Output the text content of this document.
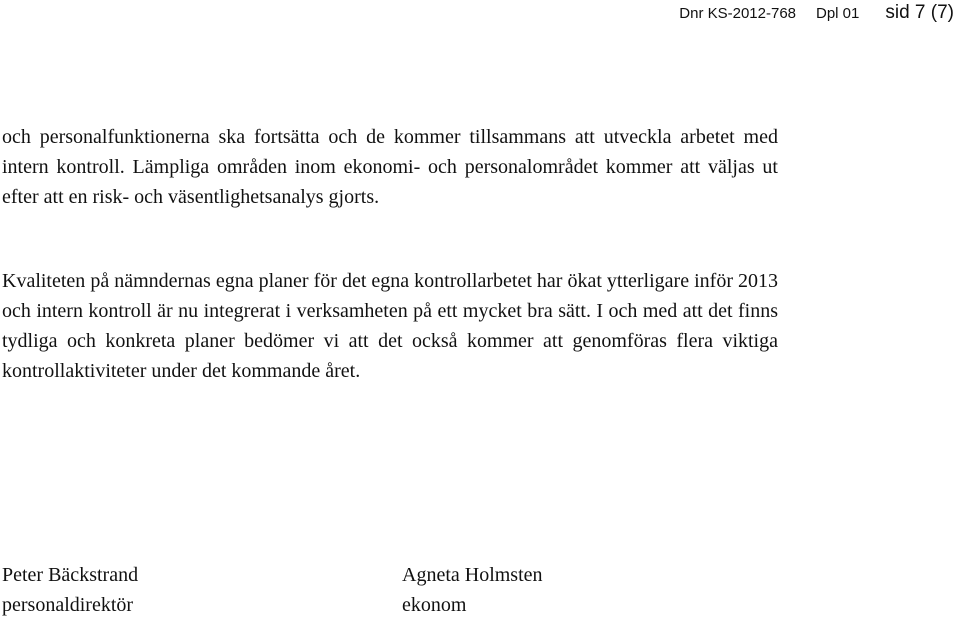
Dnr KS-2012-768 Dpl 01 sid 7 (7)

och personalfunktionerna ska fortsätta och de kommer tillsammans att utveckla arbetet med intern kontroll. Lämpliga områden inom ekonomi- och personalområdet kommer att väljas ut efter att en risk- och väsentlighetsanalys gjorts.

Kvaliteten på nämndernas egna planer för det egna kontrollarbetet har ökat ytterligare inför 2013 och intern kontroll är nu integrerat i verksamheten på ett mycket bra sätt. I och med att det finns tydliga och konkreta planer bedömer vi att det också kommer att genomföras flera viktiga kontrollaktiviteter under det kommande året.

Peter Bäckstrand
personaldirektör
Agneta Holmsten
ekonom
